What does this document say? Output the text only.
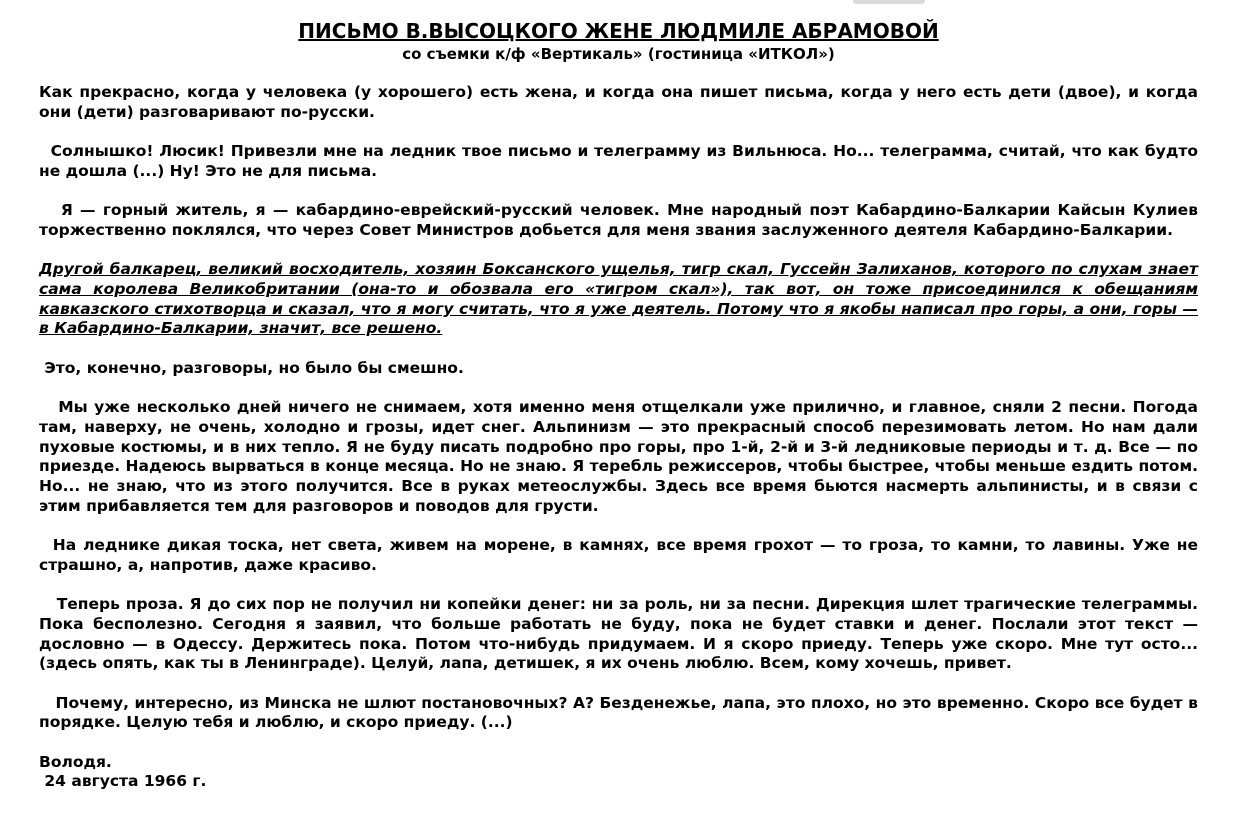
ПИСЬМО В.ВЫСОЦКОГО ЖЕНЕ ЛЮДМИЛЕ АБРАМОВОЙ
со съемки к/ф «Вертикаль» (гостиница «ИТКОЛ»)

Как прекрасно, когда у человека (у хорошего) есть жена, и когда она пишет письма, когда у него есть дети (двое), и когда они (дети) разговаривают по-русски.

Солнышко! Люсик! Привезли мне на ледник твое письмо и телеграмму из Вильнюса. Но... телеграмма, считай, что как будто не дошла (...) Ну! Это не для письма.

Я — горный житель, я — кабардино-еврейский-русский человек. Мне народный поэт Кабардино-Балкарии Кайсын Кулиев торжественно поклялся, что через Совет Министров добьется для меня звания заслуженного деятеля Кабардино-Балкарии.

Другой балкарец, великий восходитель, хозяин Боксанского ущелья, тигр скал, Гуссейн Залиханов, которого по слухам знает сама королева Великобритании (она-то и обозвала его «тигром скал»), так вот, он тоже присоединился к обещаниям кавказского стихотворца и сказал, что я могу считать, что я уже деятель. Потому что я якобы написал про горы, а они, горы — в Кабардино-Балкарии, значит, все решено.

Это, конечно, разговоры, но было бы смешно.

Мы уже несколько дней ничего не снимаем, хотя именно меня отщелкали уже прилично, и главное, сняли 2 песни. Погода там, наверху, не очень, холодно и грозы, идет снег. Альпинизм — это прекрасный способ перезимовать летом. Но нам дали пуховые костюмы, и в них тепло. Я не буду писать подробно про горы, про 1-й, 2-й и 3-й ледниковые периоды и т. д. Все — по приезде. Надеюсь вырваться в конце месяца. Но не знаю. Я теребль режиссеров, чтобы быстрее, чтобы меньше ездить потом. Но... не знаю, что из этого получится. Все в руках метеослужбы. Здесь все время бьются насмерть альпинисты, и в связи с этим прибавляется тем для разговоров и поводов для грусти.

На леднике дикая тоска, нет света, живем на морене, в камнях, все время грохот — то гроза, то камни, то лавины. Уже не страшно, а, напротив, даже красиво.

Теперь проза. Я до сих пор не получил ни копейки денег: ни за роль, ни за песни. Дирекция шлет трагические телеграммы. Пока бесполезно. Сегодня я заявил, что больше работать не буду, пока не будет ставки и денег. Послали этот текст — дословно — в Одессу. Держитесь пока. Потом что-нибудь придумаем. И я скоро приеду. Теперь уже скоро. Мне тут осто... (здесь опять, как ты в Ленинграде). Целуй, лапа, детишек, я их очень люблю. Всем, кому хочешь, привет.

Почему, интересно, из Минска не шлют постановочных? А? Безденежье, лапа, это плохо, но это временно. Скоро все будет в порядке. Целую тебя и люблю, и скоро приеду. (...)

Володя.

24 августа 1966 г.
